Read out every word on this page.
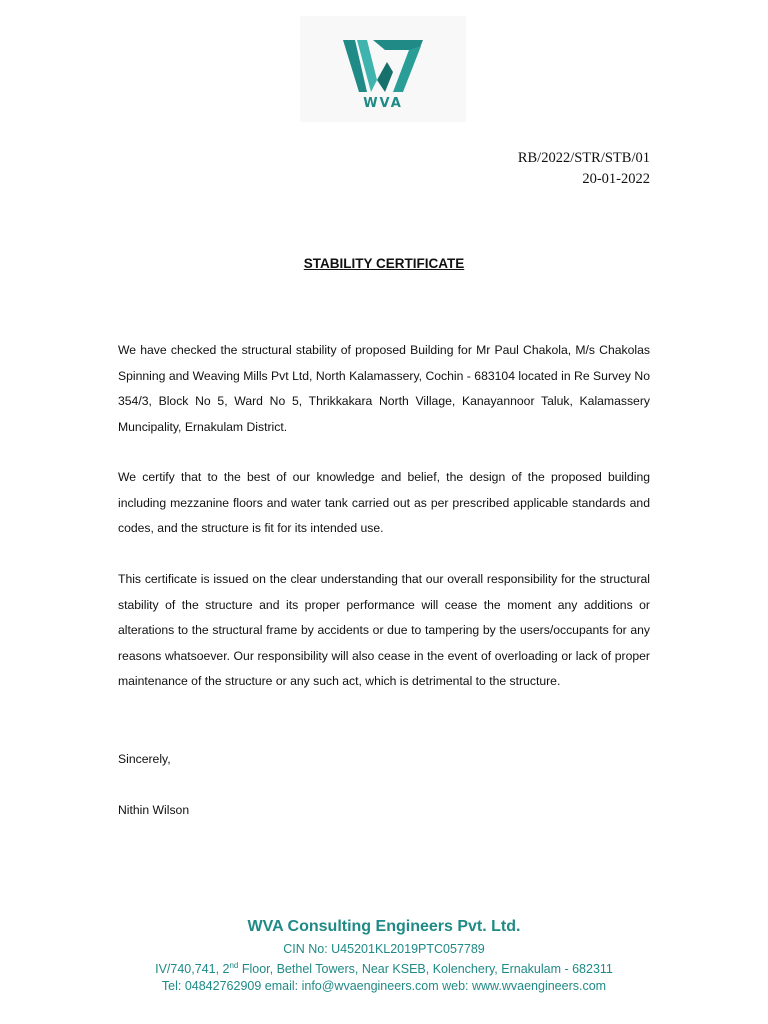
WVA
RB/2022/STR/STB/01
20-01-2022
STABILITY CERTIFICATE

We have checked the structural stability of proposed Building for Mr Paul Chakola, M/s Chakolas Spinning and Weaving Mills Pvt Ltd, North Kalamassery, Cochin - 683104 located in Re Survey No 354/3, Block No 5, Ward No 5, Thrikkakara North Village, Kanayannoor Taluk, Kalamassery Muncipality, Ernakulam District.

We certify that to the best of our knowledge and belief, the design of the proposed building including mezzanine floors and water tank carried out as per prescribed applicable standards and codes, and the structure is fit for its intended use.

This certificate is issued on the clear understanding that our overall responsibility for the structural stability of the structure and its proper performance will cease the moment any additions or alterations to the structural frame by accidents or due to tampering by the users/occupants for any reasons whatsoever. Our responsibility will also cease in the event of overloading or lack of proper maintenance of the structure or any such act, which is detrimental to the structure.

Sincerely,
Nithin Wilson
WVA Consulting Engineers Pvt. Ltd.
CIN No: U45201KL2019PTC057789
IV/740,741, 2nd Floor, Bethel Towers, Near KSEB, Kolenchery, Ernakulam - 682311
Tel: 04842762909 email: info@wvaengineers.com web: www.wvaengineers.com
